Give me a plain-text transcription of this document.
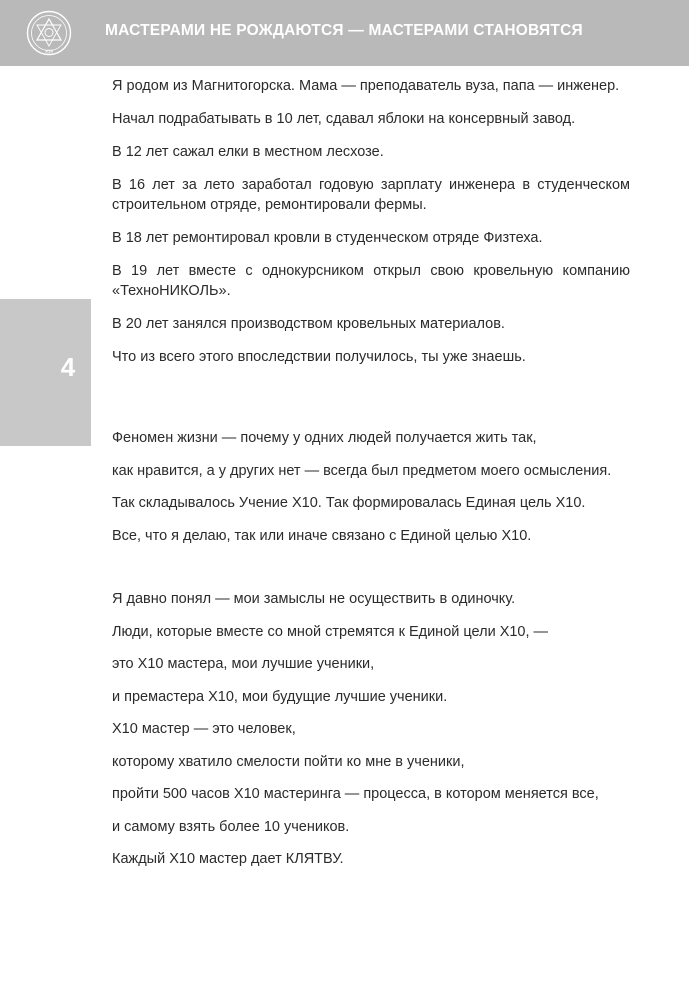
X10
МАСТЕРАМИ НЕ РОЖДАЮТСЯ — МАСТЕРАМИ СТАНОВЯТСЯ
4

Я родом из Магнитогорска. Мама — преподаватель вуза, папа — инженер.

Начал подрабатывать в 10 лет, сдавал яблоки на консервный завод.

В 12 лет сажал елки в местном лесхозе.

В 16 лет за лето заработал годовую зарплату инженера в студенческом строительном отряде, ремонтировали фермы.

В 18 лет ремонтировал кровли в студенческом отряде Физтеха.

В 19 лет вместе с однокурсником открыл свою кровельную компанию «ТехноНИКОЛЬ».

В 20 лет занялся производством кровельных материалов.

Что из всего этого впоследствии получилось, ты уже знаешь.

Феномен жизни — почему у одних людей получается жить так,

как нравится, а у других нет — всегда был предметом моего осмысления.

Так складывалось Учение Х10. Так формировалась Единая цель Х10.

Все, что я делаю, так или иначе связано с Единой целью Х10.

Я давно понял — мои замыслы не осуществить в одиночку.

Люди, которые вместе со мной стремятся к Единой цели Х10, —

это Х10 мастера, мои лучшие ученики,

и премастера Х10, мои будущие лучшие ученики.

Х10 мастер — это человек,

которому хватило смелости пойти ко мне в ученики,

пройти 500 часов Х10 мастеринга — процесса, в котором меняется все,

и самому взять более 10 учеников.

Каждый Х10 мастер дает КЛЯТВУ.
